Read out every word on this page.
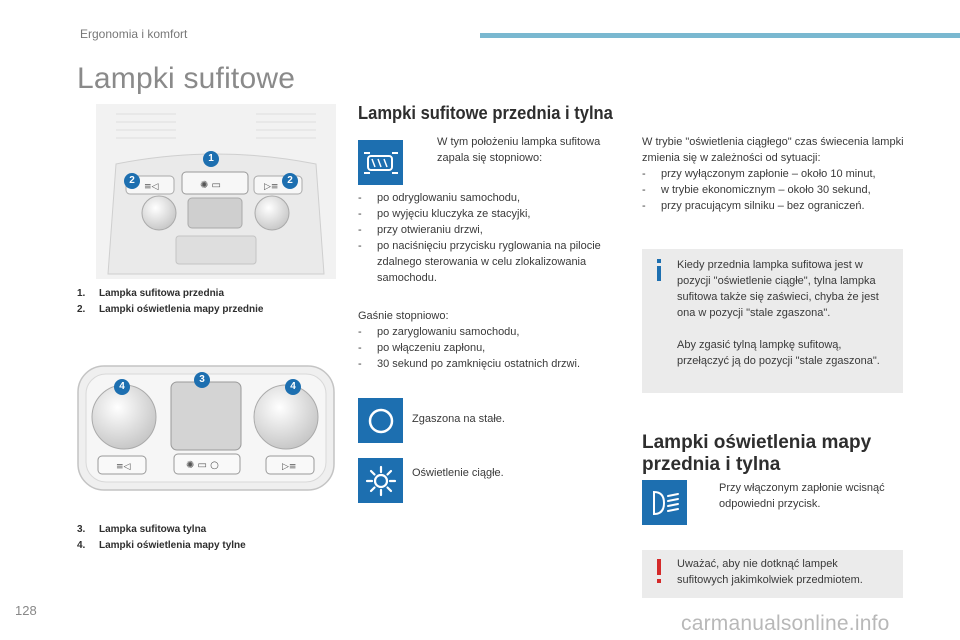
Ergonomia i komfort
Lampki sufitowe
≡◁	✺ ▭	▷≡
1
2	2
1. Lampka sufitowa przednia
2. Lampki oświetlenia mapy przednie
≡◁	✺ ▭ ○	▷≡
4
3
4
3. Lampka sufitowa tylna
4. Lampki oświetlenia mapy tylne
Lampki sufitowe przednia i tylna
W tym położeniu lampka sufitowa zapala się stopniowo:
- po odryglowaniu samochodu,
- po wyjęciu kluczyka ze stacyjki,
- przy otwieraniu drzwi,
- po naciśnięciu przycisku ryglowania na pilocie zdalnego sterowania w celu zlokalizowania samochodu.
Gaśnie stopniowo:
- po zaryglowaniu samochodu,
- po włączeniu zapłonu,
- 30 sekund po zamknięciu ostatnich drzwi.
Zgaszona na stałe.
Oświetlenie ciągłe.
W trybie "oświetlenia ciągłego" czas świecenia lampki zmienia się w zależności od sytuacji:
- przy wyłączonym zapłonie – około 10 minut,
- w trybie ekonomicznym – około 30 sekund,
- przy pracującym silniku – bez ograniczeń.
Kiedy przednia lampka sufitowa jest w pozycji "oświetlenie ciągłe", tylna lampka sufitowa także się zaświeci, chyba że jest ona w pozycji "stale zgaszona".
Aby zgasić tylną lampkę sufitową, przełączyć ją do pozycji "stale zgaszona".
Lampki oświetlenia mapy przednia i tylna
Przy włączonym zapłonie wcisnąć odpowiedni przycisk.
Uważać, aby nie dotknąć lampek sufitowych jakimkolwiek przedmiotem.
128
carmanualsonline.info
